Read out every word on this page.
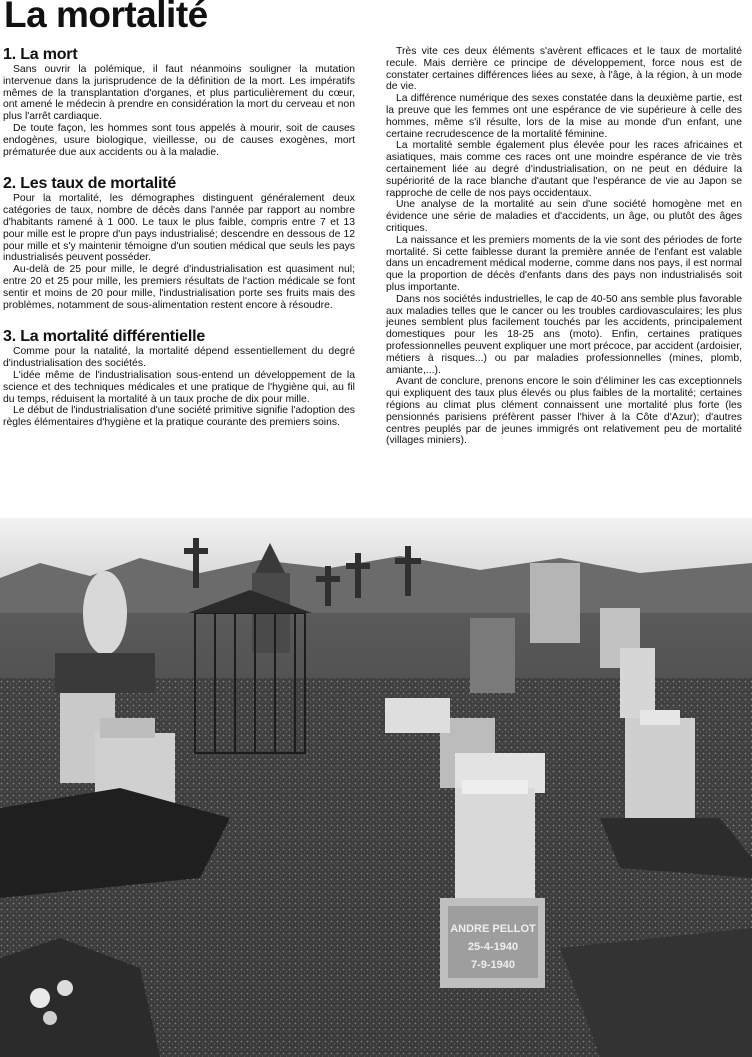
La mortalité
1. La mort

Sans ouvrir la polémique, il faut néanmoins souligner la mutation intervenue dans la jurisprudence de la définition de la mort. Les impératifs mêmes de la transplantation d'organes, et plus particulièrement du cœur, ont amené le médecin à prendre en considération la mort du cerveau et non plus l'arrêt cardiaque.

De toute façon, les hommes sont tous appelés à mourir, soit de causes endogènes, usure biologique, vieillesse, ou de causes exogènes, mort prématurée due aux accidents ou à la maladie.

2. Les taux de mortalité

Pour la mortalité, les démographes distinguent généralement deux catégories de taux, nombre de décès dans l'année par rapport au nombre d'habitants ramené à 1 000. Le taux le plus faible, compris entre 7 et 13 pour mille est le propre d'un pays industrialisé; descendre en dessous de 12 pour mille et s'y maintenir témoigne d'un soutien médical que seuls les pays industrialisés peuvent posséder.

Au-delà de 25 pour mille, le degré d'industrialisation est quasiment nul; entre 20 et 25 pour mille, les premiers résultats de l'action médicale se font sentir et moins de 20 pour mille, l'industrialisation porte ses fruits mais des problèmes, notamment de sous-alimentation restent encore à résoudre.

3. La mortalité différentielle

Comme pour la natalité, la mortalité dépend essentiellement du degré d'industrialisation des sociétés.

L'idée même de l'industrialisation sous-entend un développement de la science et des techniques médicales et une pratique de l'hygiène qui, au fil du temps, réduisent la mortalité à un taux proche de dix pour mille.

Le début de l'industrialisation d'une société primitive signifie l'adoption des règles élémentaires d'hygiène et la pratique courante des premiers soins.

Très vite ces deux éléments s'avèrent efficaces et le taux de mortalité recule. Mais derrière ce principe de développement, force nous est de constater certaines différences liées au sexe, à l'âge, à la région, à un mode de vie.

La différence numérique des sexes constatée dans la deuxième partie, est la preuve que les femmes ont une espérance de vie supérieure à celle des hommes, même s'il résulte, lors de la mise au monde d'un enfant, une certaine recrudescence de la mortalité féminine.

La mortalité semble également plus élevée pour les races africaines et asiatiques, mais comme ces races ont une moindre espérance de vie très certainement liée au degré d'industrialisation, on ne peut en déduire la supériorité de la race blanche d'autant que l'espérance de vie au Japon se rapproche de celle de nos pays occidentaux.

Une analyse de la mortalité au sein d'une société homogène met en évidence une série de maladies et d'accidents, un âge, ou plutôt des âges critiques.

La naissance et les premiers moments de la vie sont des périodes de forte mortalité. Si cette faiblesse durant la première année de l'enfant est valable dans un encadrement médical moderne, comme dans nos pays, il est normal que la proportion de décès d'enfants dans des pays non industrialisés soit plus importante.

Dans nos sociétés industrielles, le cap de 40-50 ans semble plus favorable aux maladies telles que le cancer ou les troubles cardiovasculaires; les plus jeunes semblent plus facilement touchés par les accidents, principalement domestiques pour les 18-25 ans (moto). Enfin, certaines pratiques professionnelles peuvent expliquer une mort précoce, par accident (ardoisier, métiers à risques...) ou par maladies professionnelles (mines, plomb, amiante,...).

Avant de conclure, prenons encore le soin d'éliminer les cas exceptionnels qui expliquent des taux plus élevés ou plus faibles de la mortalité; certaines régions au climat plus clément connaissent une mortalité plus forte (les pensionnés parisiens préfèrent passer l'hiver à la Côte d'Azur); d'autres centres peuplés par de jeunes immigrés ont relativement peu de mortalité (villages miniers).

ANDRE PELLOT
25-4-1940
7-9-1940
